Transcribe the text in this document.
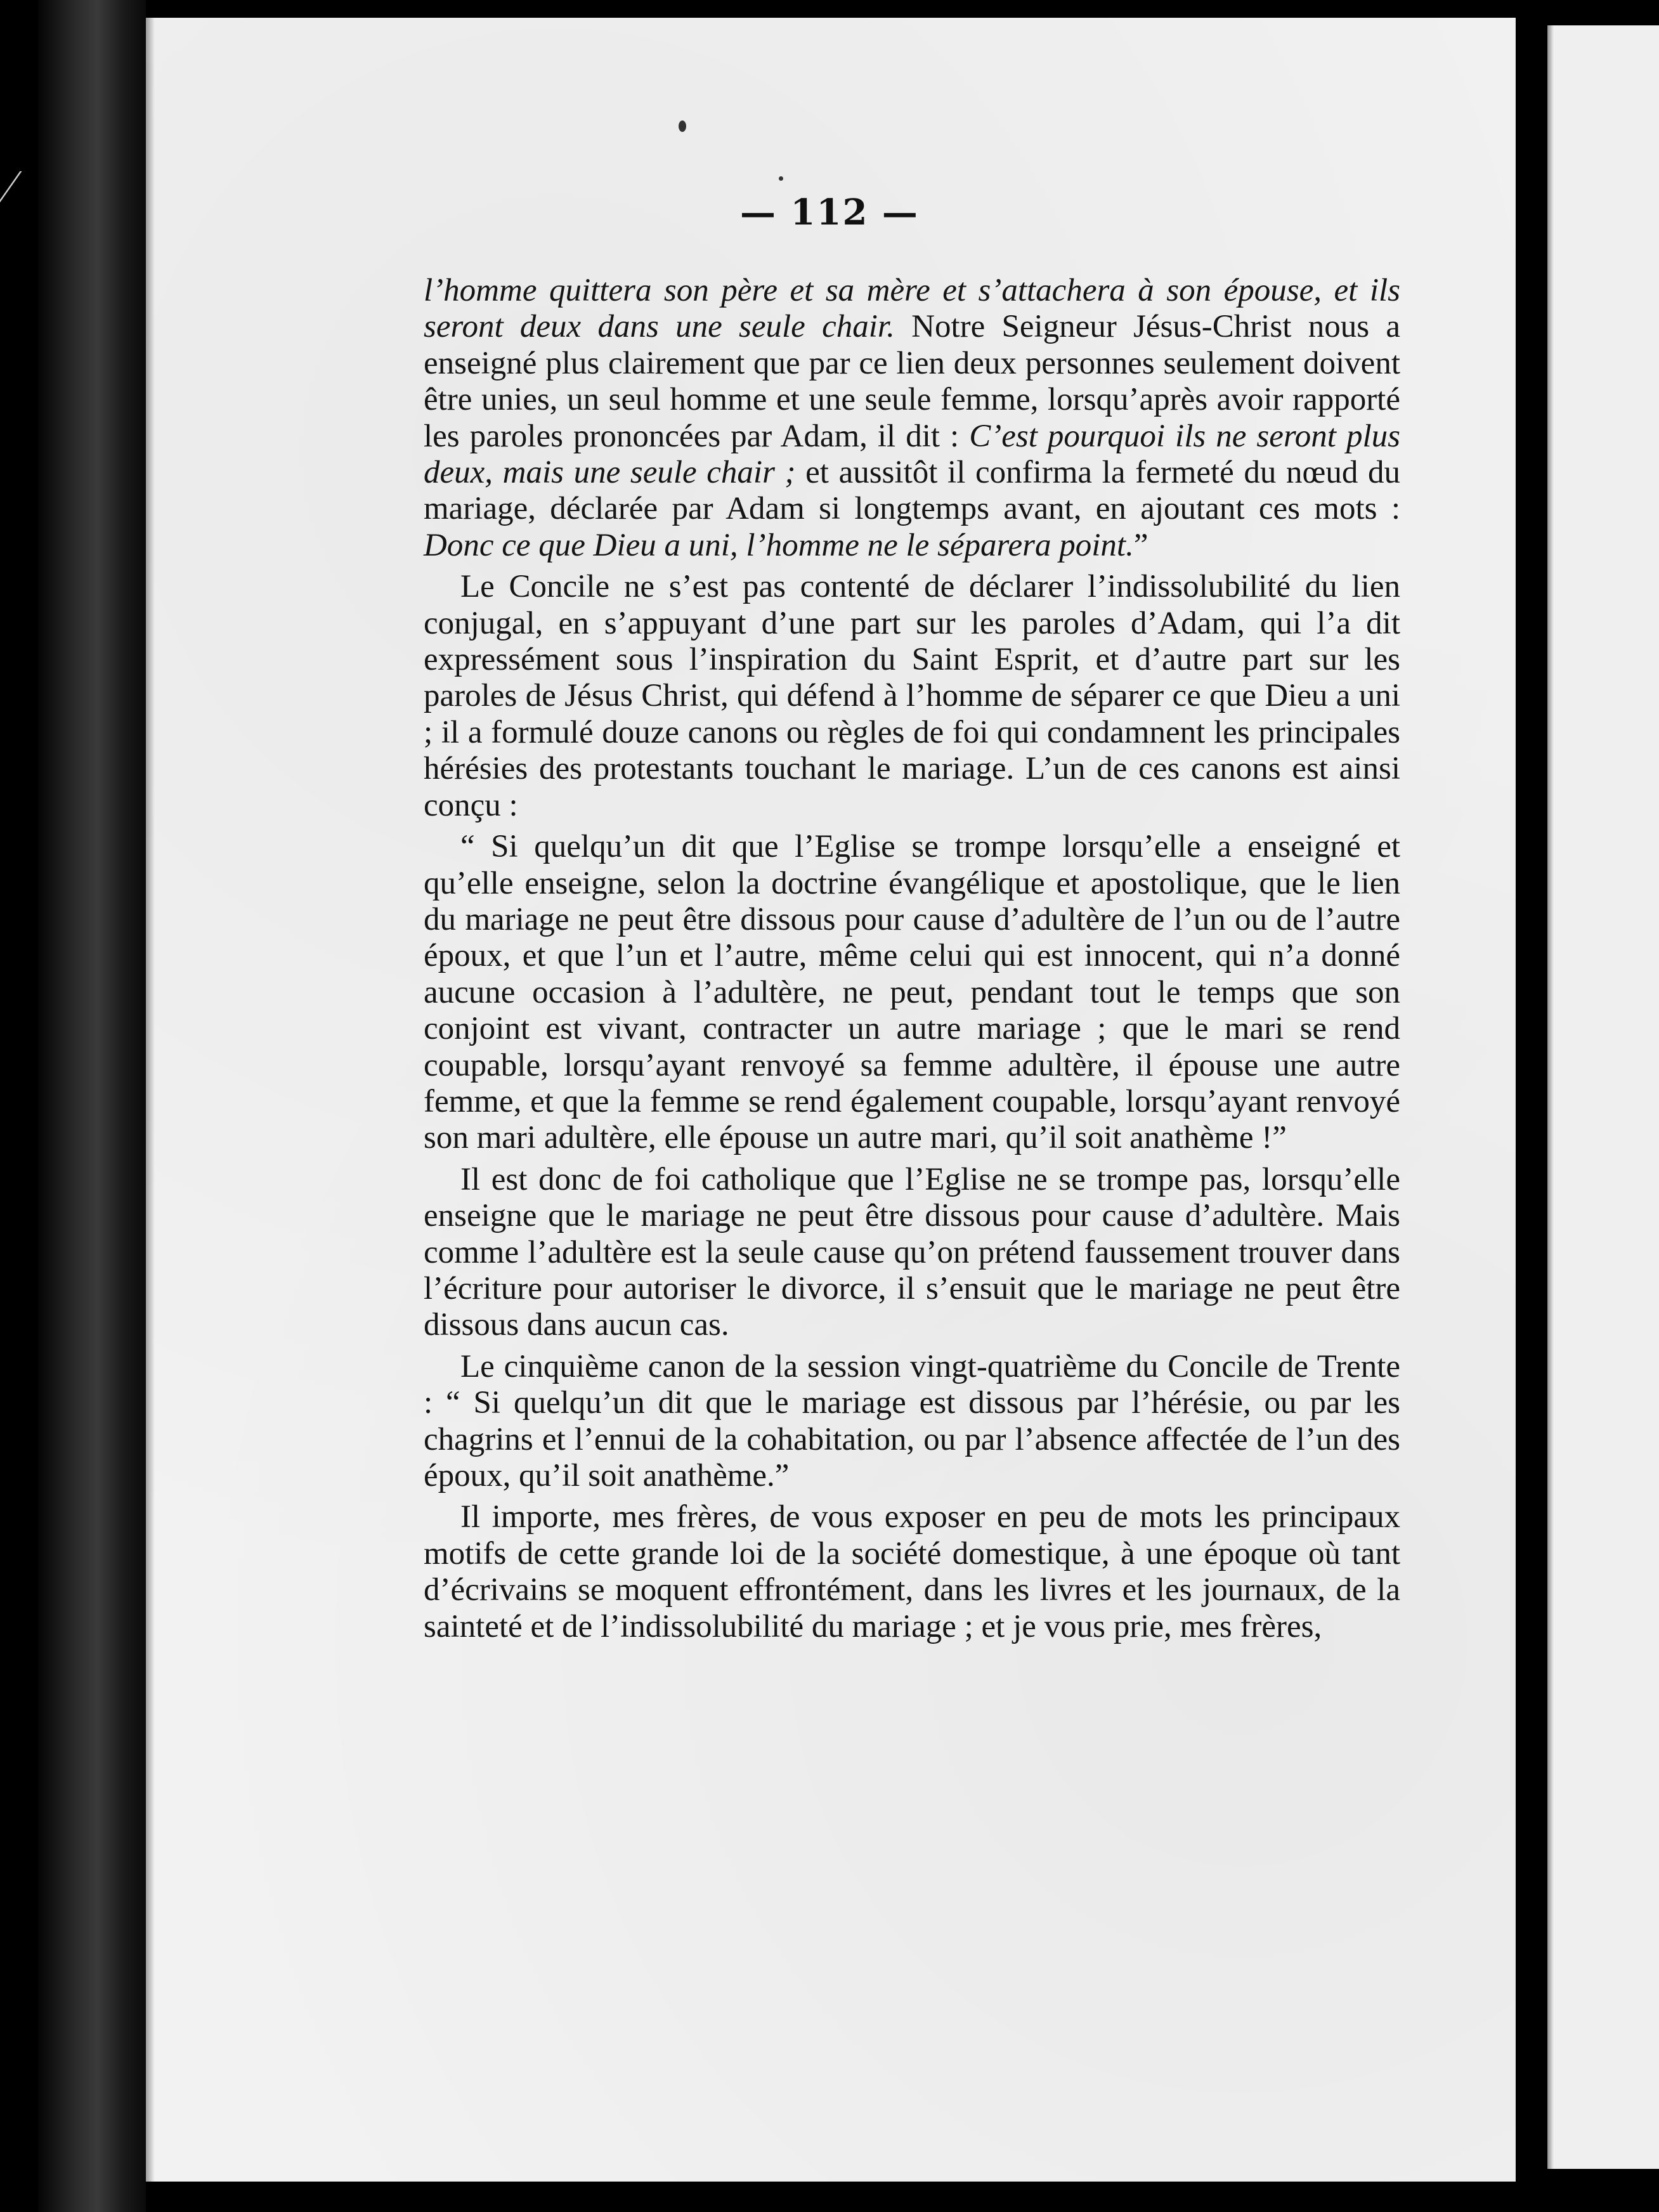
— 112 —

l’homme quittera son père et sa mère et s’attachera à son épouse, et ils seront deux dans une seule chair. Notre Seigneur Jésus-Christ nous a enseigné plus clairement que par ce lien deux personnes seulement doivent être unies, un seul homme et une seule femme, lorsqu’après avoir rapporté les paroles prononcées par Adam, il dit : C’est pourquoi ils ne seront plus deux, mais une seule chair ; et aussitôt il confirma la fermeté du nœud du mariage, déclarée par Adam si longtemps avant, en ajoutant ces mots : Donc ce que Dieu a uni, l’homme ne le séparera point.”

Le Concile ne s’est pas contenté de déclarer l’indissolubilité du lien conjugal, en s’appuyant d’une part sur les paroles d’Adam, qui l’a dit expressément sous l’inspiration du Saint Esprit, et d’autre part sur les paroles de Jésus Christ, qui défend à l’homme de séparer ce que Dieu a uni ; il a formulé douze canons ou règles de foi qui condamnent les principales hérésies des protestants touchant le mariage. L’un de ces canons est ainsi conçu :

“ Si quelqu’un dit que l’Eglise se trompe lorsqu’elle a enseigné et qu’elle enseigne, selon la doctrine évangélique et apostolique, que le lien du mariage ne peut être dissous pour cause d’adultère de l’un ou de l’autre époux, et que l’un et l’autre, même celui qui est innocent, qui n’a donné aucune occasion à l’adultère, ne peut, pendant tout le temps que son conjoint est vivant, contracter un autre mariage ; que le mari se rend coupable, lorsqu’ayant renvoyé sa femme adultère, il épouse une autre femme, et que la femme se rend également coupable, lorsqu’ayant renvoyé son mari adultère, elle épouse un autre mari, qu’il soit anathème !”

Il est donc de foi catholique que l’Eglise ne se trompe pas, lorsqu’elle enseigne que le mariage ne peut être dissous pour cause d’adultère. Mais comme l’adultère est la seule cause qu’on prétend faussement trouver dans l’écriture pour autoriser le divorce, il s’ensuit que le mariage ne peut être dissous dans aucun cas.

Le cinquième canon de la session vingt-quatrième du Concile de Trente : “ Si quelqu’un dit que le mariage est dissous par l’hérésie, ou par les chagrins et l’ennui de la cohabitation, ou par l’absence affectée de l’un des époux, qu’il soit anathème.”

Il importe, mes frères, de vous exposer en peu de mots les principaux motifs de cette grande loi de la société domestique, à une époque où tant d’écrivains se moquent effrontément, dans les livres et les journaux, de la sainteté et de l’indissolubilité du mariage ; et je vous prie, mes frères,
